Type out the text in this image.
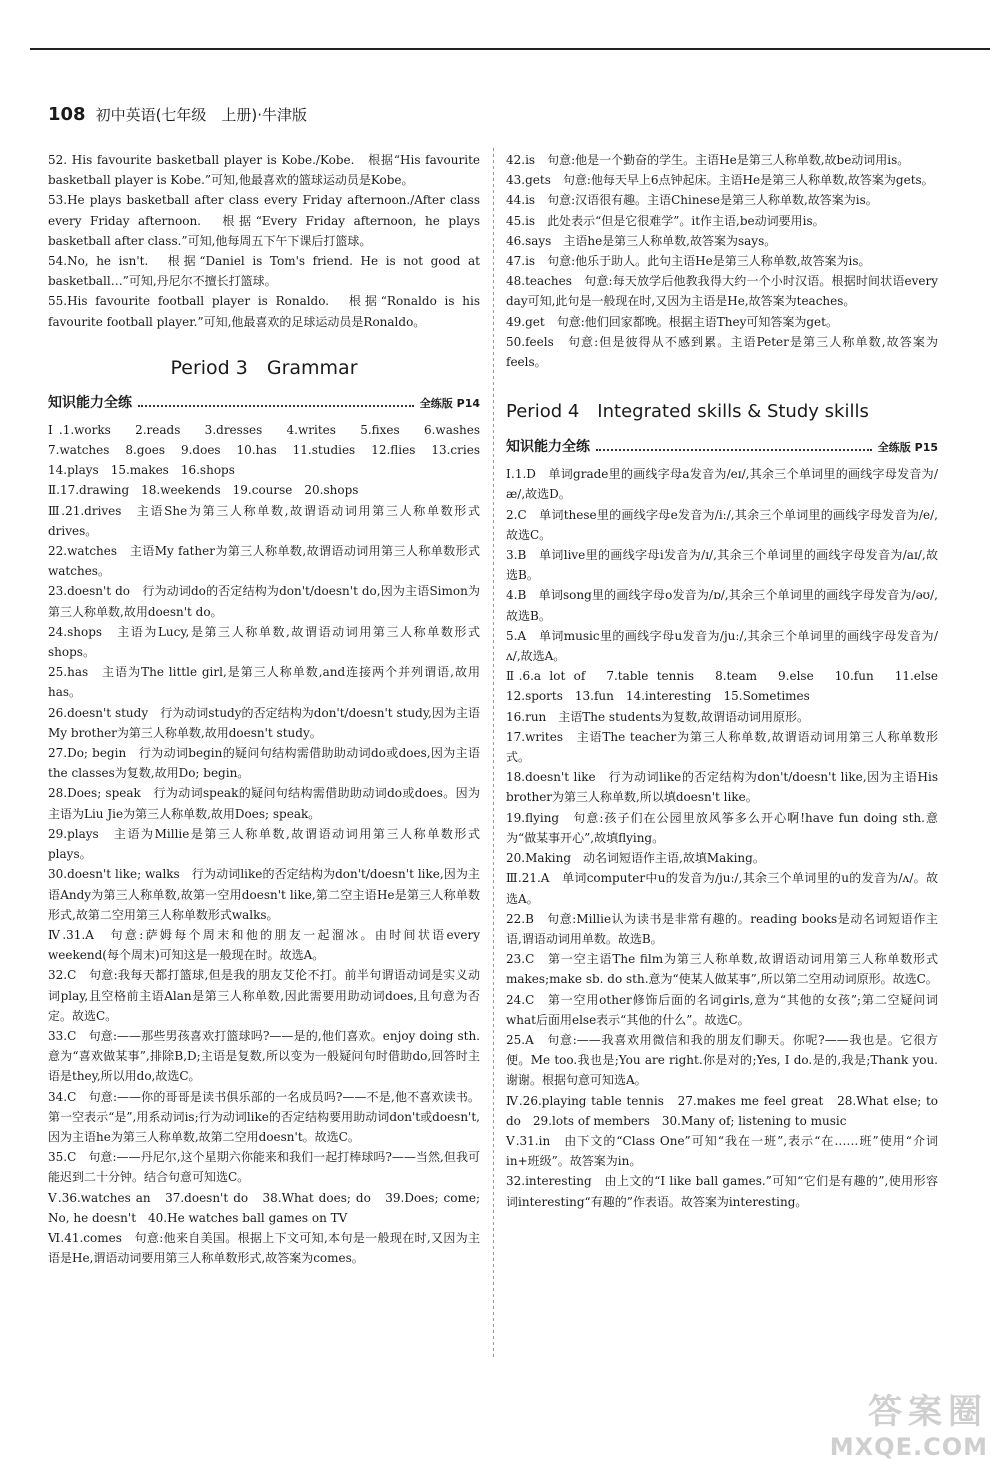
108 初中英语(七年级　上册)·牛津版

52. His favourite basketball player is Kobe./Kobe.　根据“His favourite basketball player is Kobe.”可知,他最喜欢的篮球运动员是Kobe。

53.He plays basketball after class every Friday afternoon./After class every Friday afternoon.　根据“Every Friday afternoon, he plays basketball after class.”可知,他每周五下午下课后打篮球。

54.No, he isn't.　根据“Daniel is Tom's friend. He is not good at basketball…”可知,丹尼尔不擅长打篮球。

55.His favourite football player is Ronaldo.　根据“Ronaldo is his favourite football player.”可知,他最喜欢的足球运动员是Ronaldo。

Period 3　Grammar
知识能力全练	全练版 P14

Ⅰ.1.works　2.reads　3.dresses　4.writes　5.fixes　6.washes　7.watches　8.goes　9.does　10.has　11.studies　12.flies　13.cries　14.plays　15.makes　16.shops

Ⅱ.17.drawing　18.weekends　19.course　20.shops

Ⅲ.21.drives　主语She为第三人称单数,故谓语动词用第三人称单数形式drives。

22.watches　主语My father为第三人称单数,故谓语动词用第三人称单数形式watches。

23.doesn't do　行为动词do的否定结构为don't/doesn't do,因为主语Simon为第三人称单数,故用doesn't do。

24.shops　主语为Lucy,是第三人称单数,故谓语动词用第三人称单数形式shops。

25.has　主语为The little girl,是第三人称单数,and连接两个并列谓语,故用has。

26.doesn't study　行为动词study的否定结构为don't/doesn't study,因为主语My brother为第三人称单数,故用doesn't study。

27.Do; begin　行为动词begin的疑问句结构需借助助动词do或does,因为主语the classes为复数,故用Do; begin。

28.Does; speak　行为动词speak的疑问句结构需借助助动词do或does。因为主语为Liu Jie为第三人称单数,故用Does; speak。

29.plays　主语为Millie是第三人称单数,故谓语动词用第三人称单数形式plays。

30.doesn't like; walks　行为动词like的否定结构为don't/doesn't like,因为主语Andy为第三人称单数,故第一空用doesn't like,第二空主语He是第三人称单数形式,故第二空用第三人称单数形式walks。

Ⅳ.31.A　句意:萨姆每个周末和他的朋友一起溜冰。由时间状语every weekend(每个周末)可知这是一般现在时。故选A。

32.C　句意:我每天都打篮球,但是我的朋友艾伦不打。前半句谓语动词是实义动词play,且空格前主语Alan是第三人称单数,因此需要用助动词does,且句意为否定。故选C。

33.C　句意:——那些男孩喜欢打篮球吗?——是的,他们喜欢。enjoy doing sth.意为“喜欢做某事”,排除B,D;主语是复数,所以变为一般疑问句时借助do,回答时主语是they,所以用do,故选C。

34.C　句意:——你的哥哥是读书俱乐部的一名成员吗?——不是,他不喜欢读书。第一空表示“是”,用系动词is;行为动词like的否定结构要用助动词don't或doesn't,因为主语he为第三人称单数,故第二空用doesn't。故选C。

35.C　句意:——丹尼尔,这个星期六你能来和我们一起打棒球吗?——当然,但我可能迟到二十分钟。结合句意可知选C。

Ⅴ.36.watches an　37.doesn't do　38.What does; do　39.Does; come; No, he doesn't　40.He watches ball games on TV

Ⅵ.41.comes　句意:他来自美国。根据上下文可知,本句是一般现在时,又因为主语是He,谓语动词要用第三人称单数形式,故答案为comes。

42.is　句意:他是一个勤奋的学生。主语He是第三人称单数,故be动词用is。

43.gets　句意:他每天早上6点钟起床。主语He是第三人称单数,故答案为gets。

44.is　句意:汉语很有趣。主语Chinese是第三人称单数,故答案为is。

45.is　此处表示“但是它很难学”。it作主语,be动词要用is。

46.says　主语he是第三人称单数,故答案为says。

47.is　句意:他乐于助人。此句主语He是第三人称单数,故答案为is。

48.teaches　句意:每天放学后他教我得大约一个小时汉语。根据时间状语every day可知,此句是一般现在时,又因为主语是He,故答案为teaches。

49.get　句意:他们回家都晚。根据主语They可知答案为get。

50.feels　句意:但是彼得从不感到累。主语Peter是第三人称单数,故答案为feels。

Period 4　Integrated skills & Study skills
知识能力全练	全练版 P15

Ⅰ.1.D　单词grade里的画线字母a发音为/eɪ/,其余三个单词里的画线字母发音为/æ/,故选D。

2.C　单词these里的画线字母e发音为/iː/,其余三个单词里的画线字母发音为/e/,故选C。

3.B　单词live里的画线字母i发音为/ɪ/,其余三个单词里的画线字母发音为/aɪ/,故选B。

4.B　单词song里的画线字母o发音为/ɒ/,其余三个单词里的画线字母发音为/əʊ/,故选B。

5.A　单词music里的画线字母u发音为/juː/,其余三个单词里的画线字母发音为/ʌ/,故选A。

Ⅱ.6.a lot of　7.table tennis　8.team　9.else　10.fun　11.else　12.sports　13.fun　14.interesting　15.Sometimes

16.run　主语The students为复数,故谓语动词用原形。

17.writes　主语The teacher为第三人称单数,故谓语动词用第三人称单数形式。

18.doesn't like　行为动词like的否定结构为don't/doesn't like,因为主语His brother为第三人称单数,所以填doesn't like。

19.flying　句意:孩子们在公园里放风筝多么开心啊!have fun doing sth.意为“做某事开心”,故填flying。

20.Making　动名词短语作主语,故填Making。

Ⅲ.21.A　单词computer中u的发音为/juː/,其余三个单词里的u的发音为/ʌ/。故选A。

22.B　句意:Millie认为读书是非常有趣的。reading books是动名词短语作主语,谓语动词用单数。故选B。

23.C　第一空主语The film为第三人称单数,故谓语动词用第三人称单数形式makes;make sb. do sth.意为“使某人做某事”,所以第二空用动词原形。故选C。

24.C　第一空用other修饰后面的名词girls,意为“其他的女孩”;第二空疑问词what后面用else表示“其他的什么”。故选C。

25.A　句意:——我喜欢用微信和我的朋友们聊天。你呢?——我也是。它很方便。Me too.我也是;You are right.你是对的;Yes, I do.是的,我是;Thank you.谢谢。根据句意可知选A。

Ⅳ.26.playing table tennis　27.makes me feel great　28.What else; to do　29.lots of members　30.Many of; listening to music

Ⅴ.31.in　由下文的“Class One”可知“我在一班”,表示“在……班”使用“介词in+班级”。故答案为in。

32.interesting　由上文的“I like ball games.”可知“它们是有趣的”,使用形容词interesting“有趣的”作表语。故答案为interesting。

答案圈
MXQE.COM
